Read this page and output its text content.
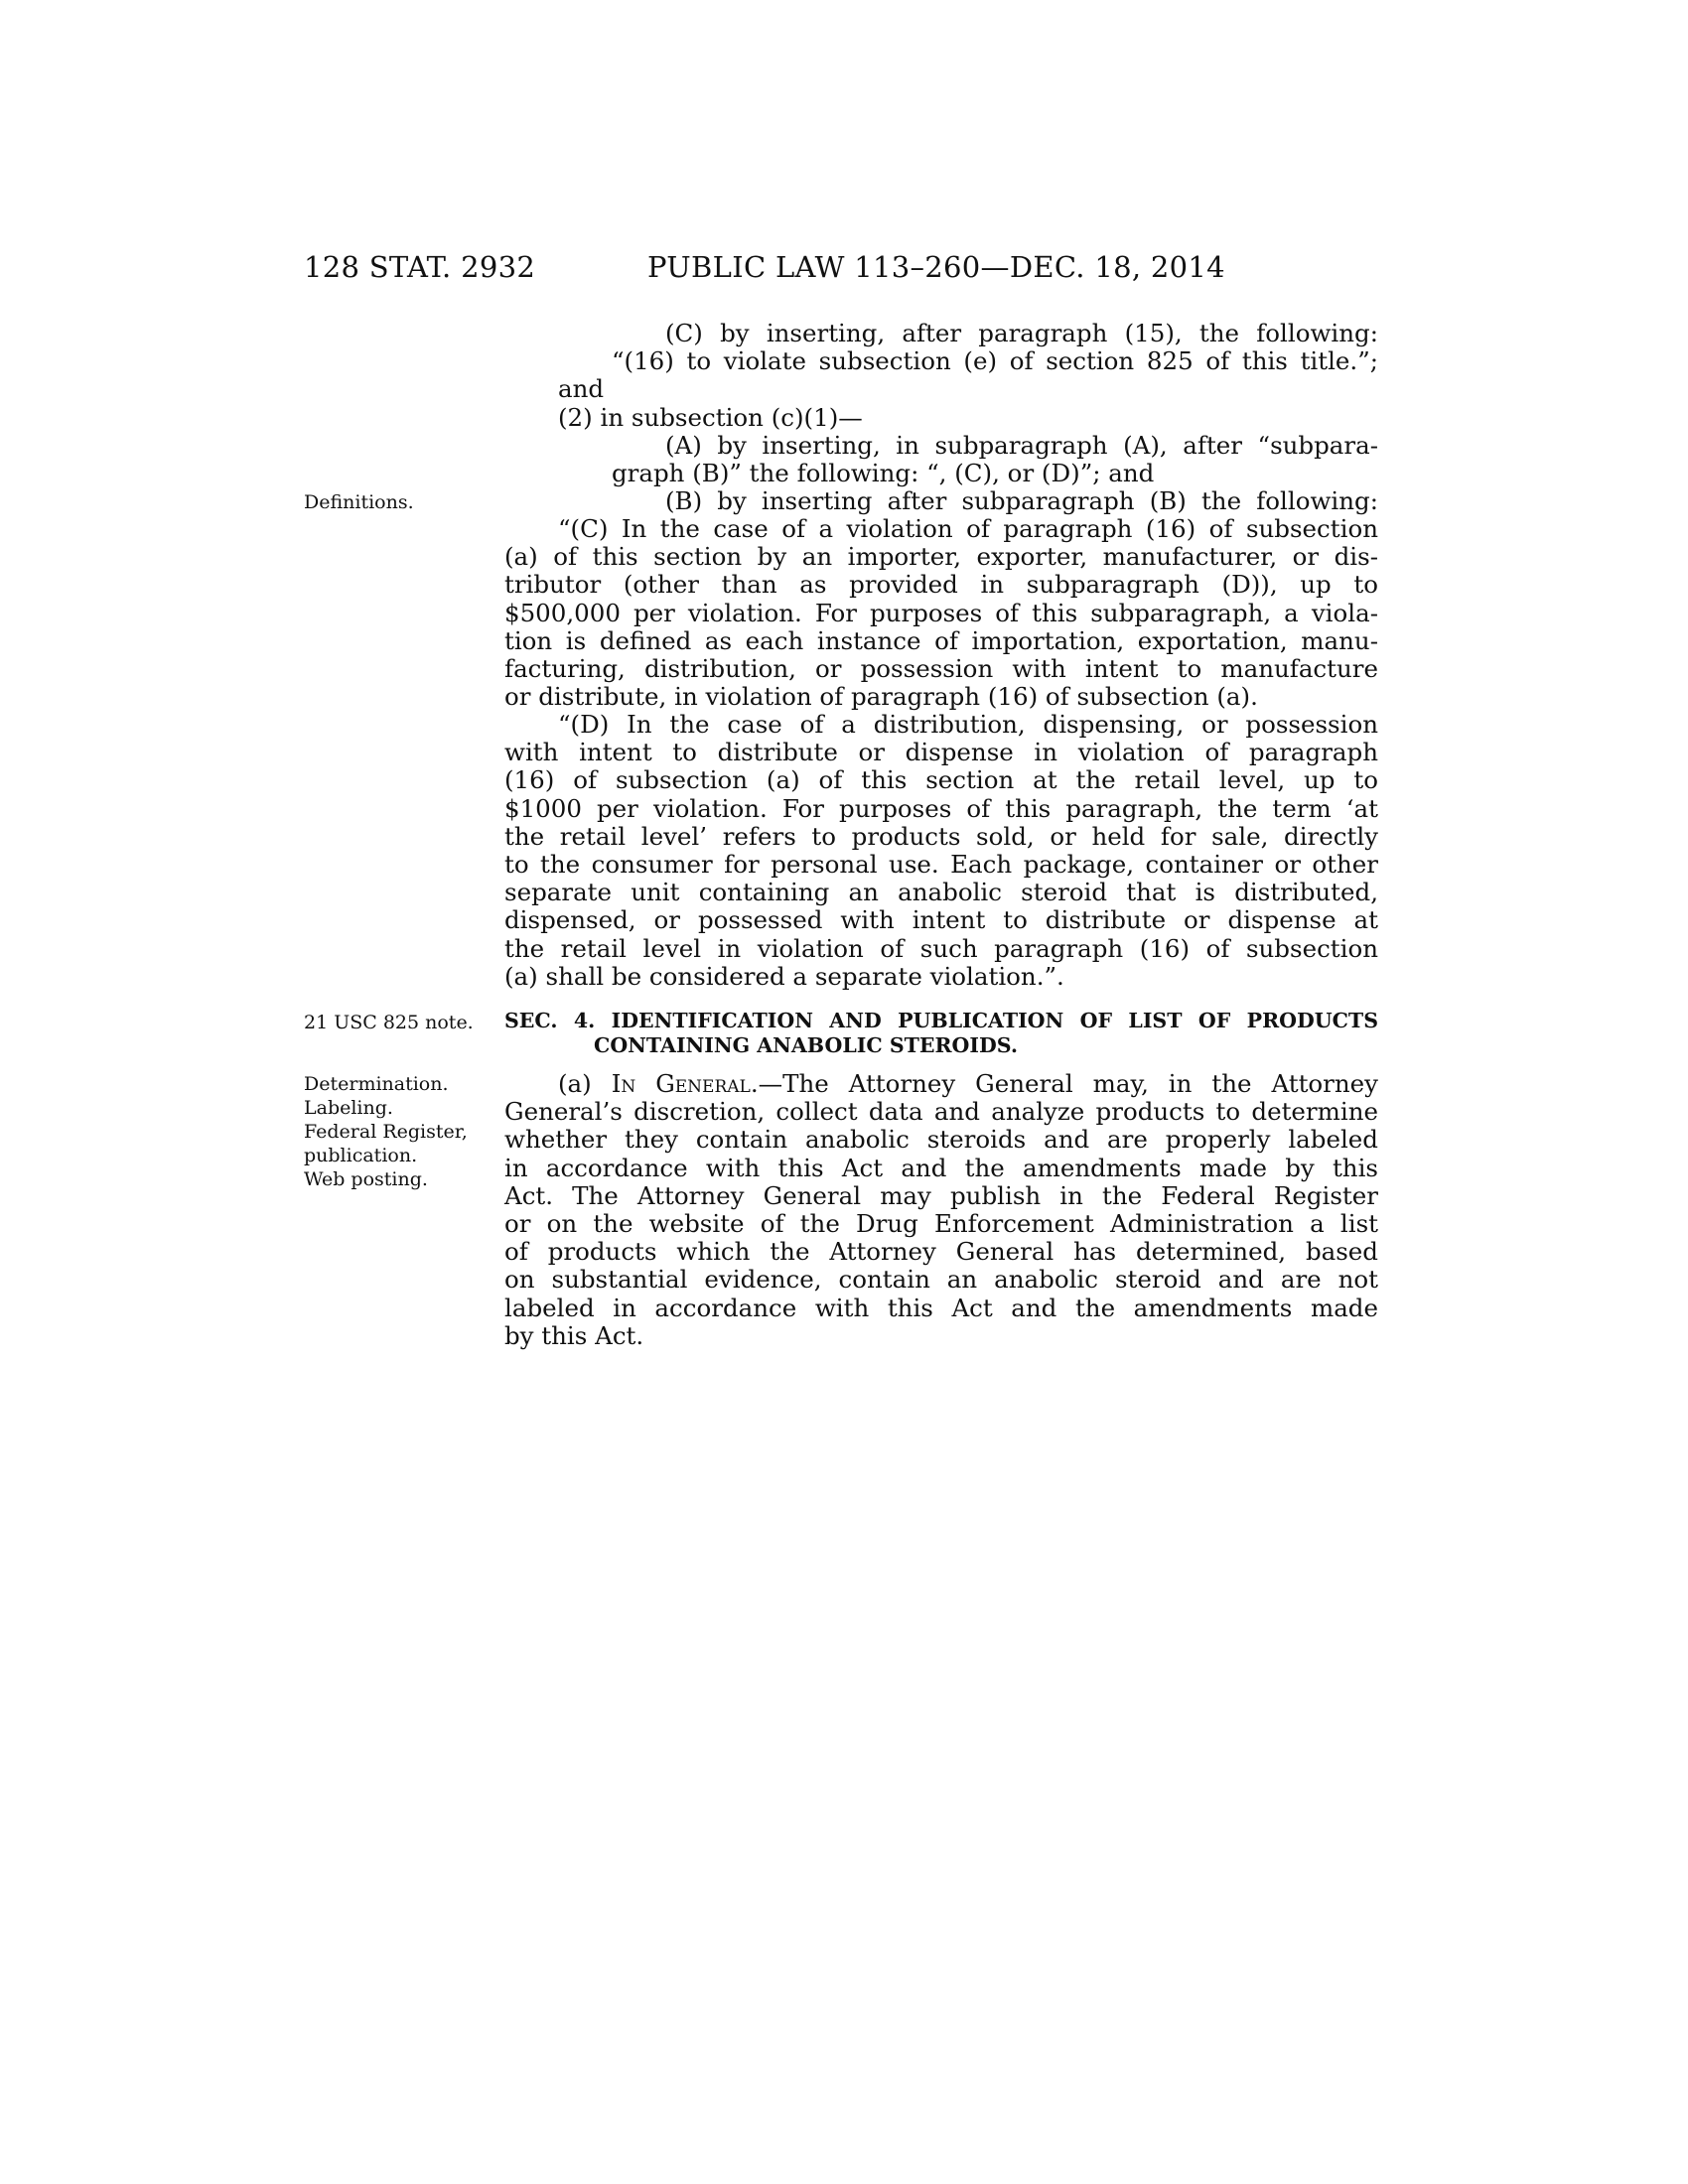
128 STAT. 2932	PUBLIC LAW 113–260—DEC. 18, 2014
Definitions.
21 USC 825 note.
Determination.
Labeling.
Federal Register,
publication.
Web posting.
(C) by inserting, after paragraph (15), the following:
“(16) to violate subsection (e) of section 825 of this title.”;
and
(2) in subsection (c)(1)—
(A) by inserting, in subparagraph (A), after “subpara-
graph (B)” the following: “, (C), or (D)”; and
(B) by inserting after subparagraph (B) the following:
“(C) In the case of a violation of paragraph (16) of subsection
(a) of this section by an importer, exporter, manufacturer, or dis-
tributor (other than as provided in subparagraph (D)), up to
$500,000 per violation. For purposes of this subparagraph, a viola-
tion is defined as each instance of importation, exportation, manu-
facturing, distribution, or possession with intent to manufacture
or distribute, in violation of paragraph (16) of subsection (a).
“(D) In the case of a distribution, dispensing, or possession
with intent to distribute or dispense in violation of paragraph
(16) of subsection (a) of this section at the retail level, up to
$1000 per violation. For purposes of this paragraph, the term ‘at
the retail level’ refers to products sold, or held for sale, directly
to the consumer for personal use. Each package, container or other
separate unit containing an anabolic steroid that is distributed,
dispensed, or possessed with intent to distribute or dispense at
the retail level in violation of such paragraph (16) of subsection
(a) shall be considered a separate violation.”.
SEC. 4. IDENTIFICATION AND PUBLICATION OF LIST OF PRODUCTS
CONTAINING ANABOLIC STEROIDS.
(a) In General.—The Attorney General may, in the Attorney
General’s discretion, collect data and analyze products to determine
whether they contain anabolic steroids and are properly labeled
in accordance with this Act and the amendments made by this
Act. The Attorney General may publish in the Federal Register
or on the website of the Drug Enforcement Administration a list
of products which the Attorney General has determined, based
on substantial evidence, contain an anabolic steroid and are not
labeled in accordance with this Act and the amendments made
by this Act.
